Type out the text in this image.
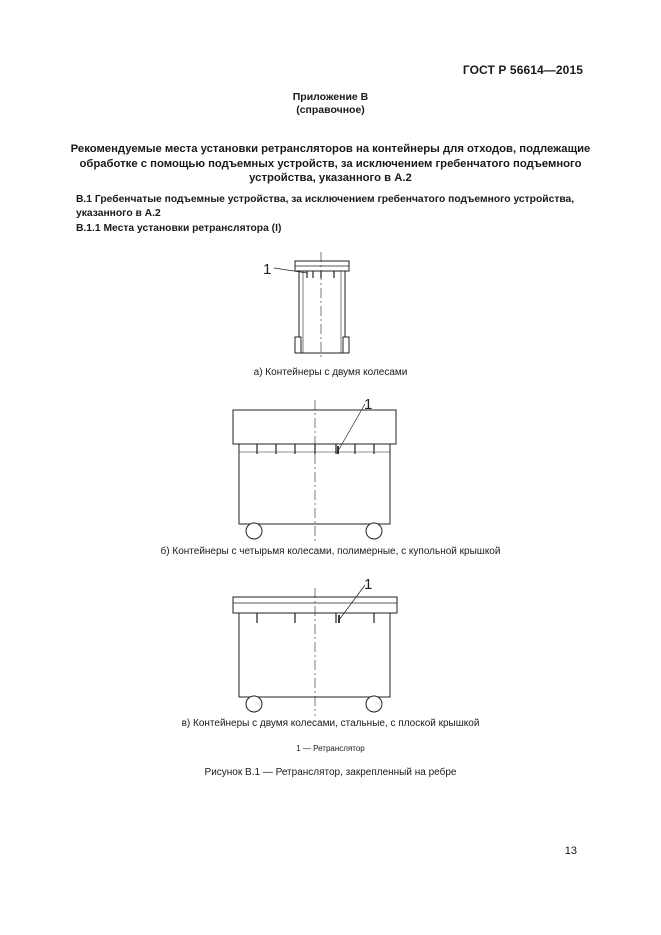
ГОСТ Р 56614—2015
Приложение В
(справочное)
Рекомендуемые места установки ретрансляторов на контейнеры для отходов, подлежащие обработке с помощью подъемных устройств, за исключением гребенчатого подъемного устройства, указанного в А.2
В.1 Гребенчатые подъемные устройства, за исключением гребенчатого подъемного устройства, указанного в А.2
В.1.1 Места установки ретранслятора (I)
1
1
1
а) Контейнеры с двумя колесами
б) Контейнеры с четырьмя колесами, полимерные, с купольной крышкой
в) Контейнеры с двумя колесами, стальные, с плоской крышкой
1 — Ретранслятор
Рисунок В.1 — Ретранслятор, закрепленный на ребре
13
